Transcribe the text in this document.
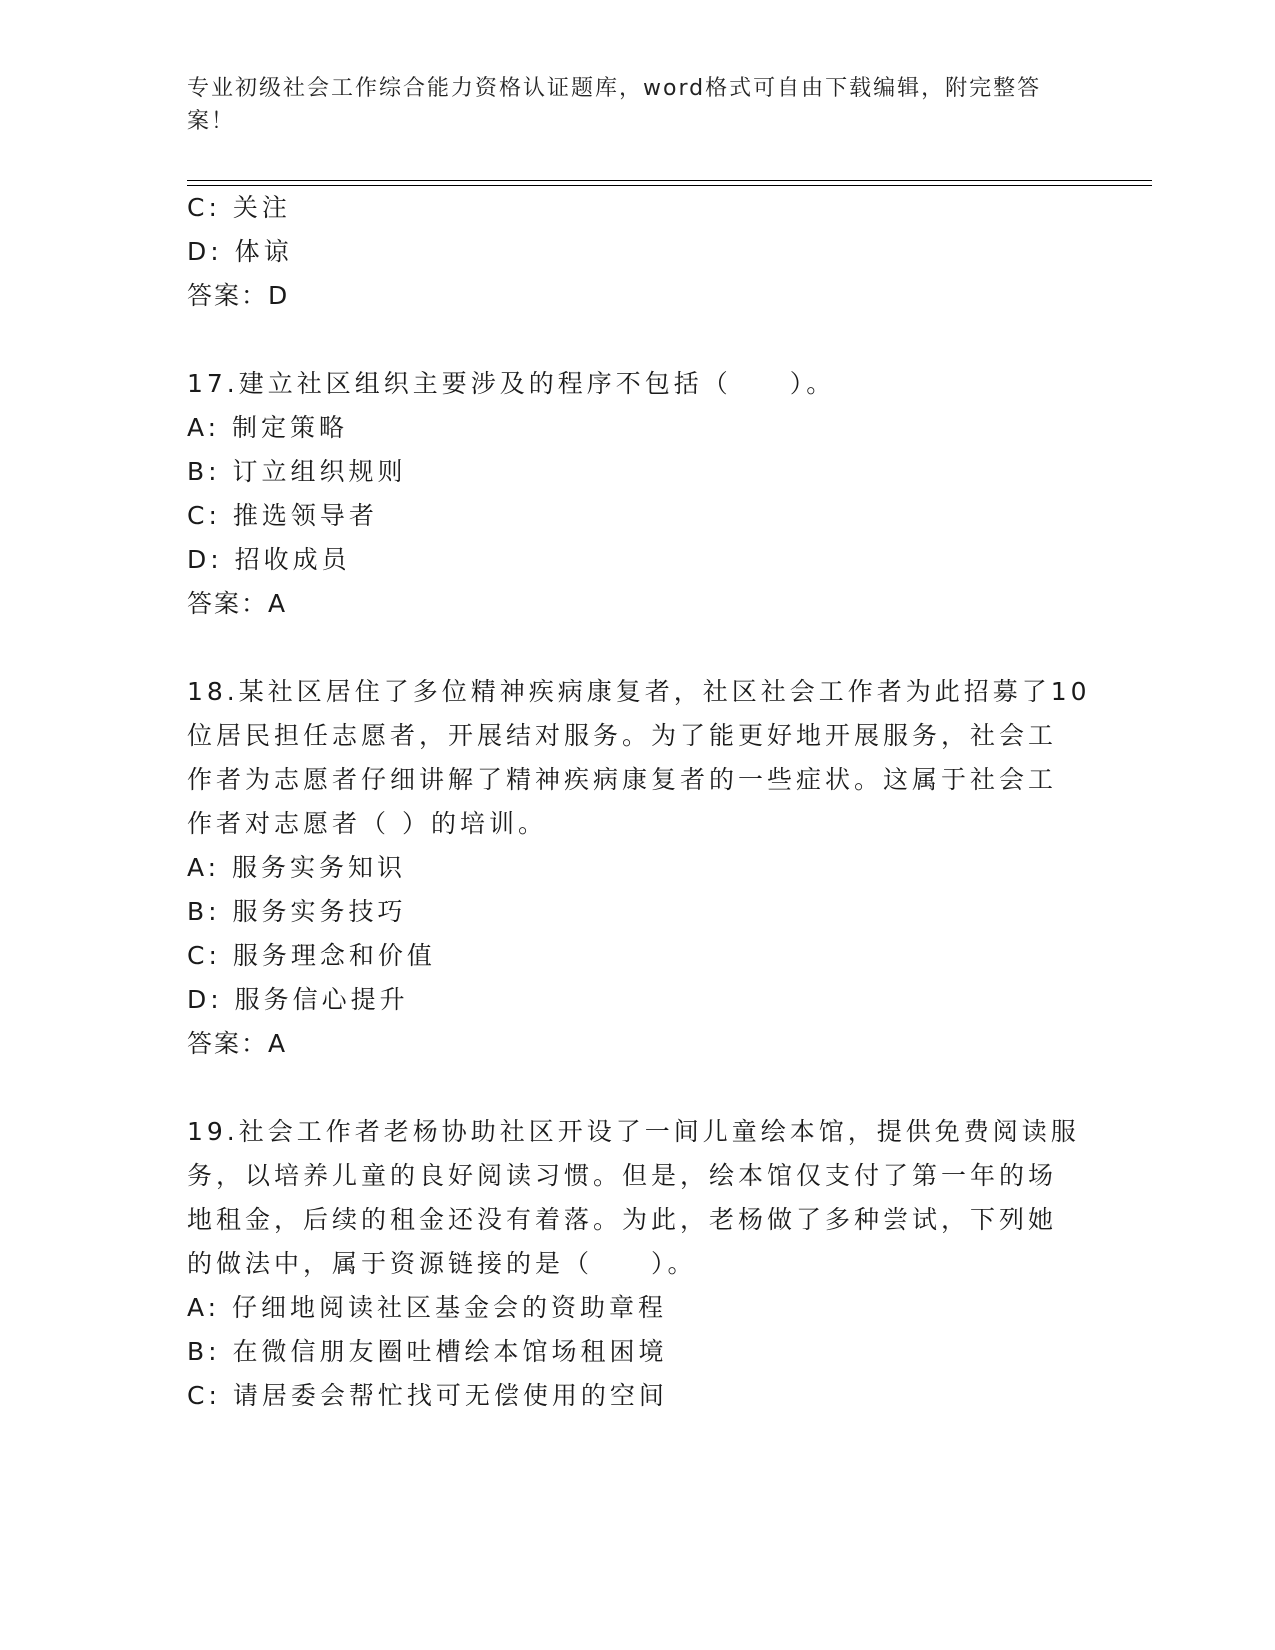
专业初级社会工作综合能力资格认证题库，word格式可自由下载编辑，附完整答
案！
C: 关注
D: 体谅
答案：D
17.建立社区组织主要涉及的程序不包括（　　）。
A: 制定策略
B: 订立组织规则
C: 推选领导者
D: 招收成员
答案：A
18.某社区居住了多位精神疾病康复者，社区社会工作者为此招募了10
位居民担任志愿者，开展结对服务。为了能更好地开展服务，社会工
作者为志愿者仔细讲解了精神疾病康复者的一些症状。这属于社会工
作者对志愿者（ ）的培训。
A: 服务实务知识
B: 服务实务技巧
C: 服务理念和价值
D: 服务信心提升
答案：A
19.社会工作者老杨协助社区开设了一间儿童绘本馆，提供免费阅读服
务，以培养儿童的良好阅读习惯。但是，绘本馆仅支付了第一年的场
地租金，后续的租金还没有着落。为此，老杨做了多种尝试，下列她
的做法中，属于资源链接的是（　　）。
A: 仔细地阅读社区基金会的资助章程
B: 在微信朋友圈吐槽绘本馆场租困境
C: 请居委会帮忙找可无偿使用的空间
